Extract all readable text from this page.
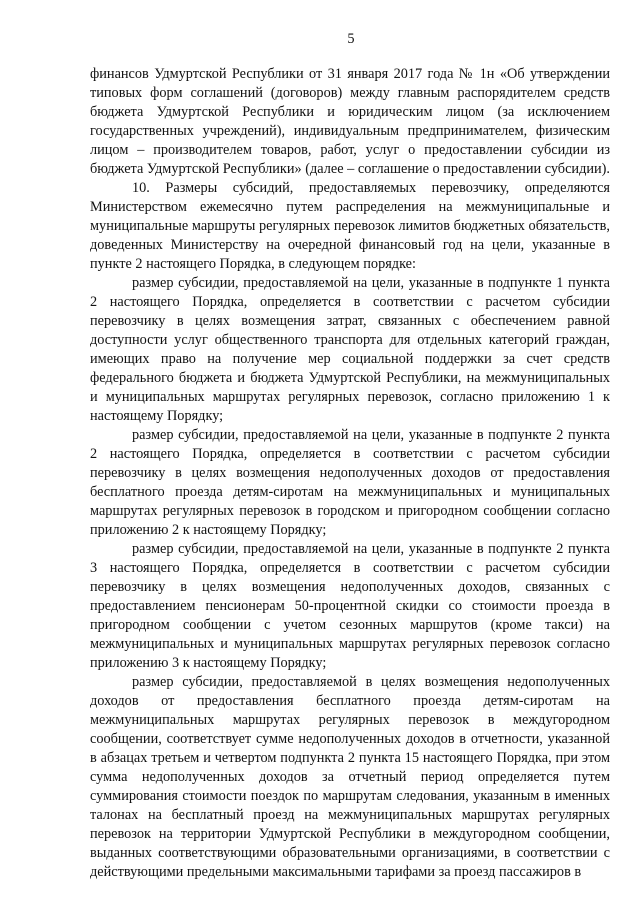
5

финансов Удмуртской Республики от 31 января 2017 года № 1н «Об утверждении типовых форм соглашений (договоров) между главным распорядителем средств бюджета Удмуртской Республики и юридическим лицом (за исключением государственных учреждений), индивидуальным предпринимателем, физическим лицом – производителем товаров, работ, услуг о предоставлении субсидии из бюджета Удмуртской Республики» (далее – соглашение о предоставлении субсидии).

10. Размеры субсидий, предоставляемых перевозчику, определяются Министерством ежемесячно путем распределения на межмуниципальные и муниципальные маршруты регулярных перевозок лимитов бюджетных обязательств, доведенных Министерству на очередной финансовый год на цели, указанные в пункте 2 настоящего Порядка, в следующем порядке:

размер субсидии, предоставляемой на цели, указанные в подпункте 1 пункта 2 настоящего Порядка, определяется в соответствии с расчетом субсидии перевозчику в целях возмещения затрат, связанных с обеспечением равной доступности услуг общественного транспорта для отдельных категорий граждан, имеющих право на получение мер социальной поддержки за счет средств федерального бюджета и бюджета Удмуртской Республики, на межмуниципальных и муниципальных маршрутах регулярных перевозок, согласно приложению 1 к настоящему Порядку;

размер субсидии, предоставляемой на цели, указанные в подпункте 2 пункта 2 настоящего Порядка, определяется в соответствии с расчетом субсидии перевозчику в целях возмещения недополученных доходов от предоставления бесплатного проезда детям-сиротам на межмуниципальных и муниципальных маршрутах регулярных перевозок в городском и пригородном сообщении согласно приложению 2 к настоящему Порядку;

размер субсидии, предоставляемой на цели, указанные в подпункте 2 пункта 3 настоящего Порядка, определяется в соответствии с расчетом субсидии перевозчику в целях возмещения недополученных доходов, связанных с предоставлением пенсионерам 50-процентной скидки со стоимости проезда в пригородном сообщении с учетом сезонных маршрутов (кроме такси) на межмуниципальных и муниципальных маршрутах регулярных перевозок согласно приложению 3 к настоящему Порядку;

размер субсидии, предоставляемой в целях возмещения недополученных доходов от предоставления бесплатного проезда детям-сиротам на межмуниципальных маршрутах регулярных перевозок в междугородном сообщении, соответствует сумме недополученных доходов в отчетности, указанной в абзацах третьем и четвертом подпункта 2 пункта 15 настоящего Порядка, при этом сумма недополученных доходов за отчетный период определяется путем суммирования стоимости поездок по маршрутам следования, указанным в именных талонах на бесплатный проезд на межмуниципальных маршрутах регулярных перевозок на территории Удмуртской Республики в междугородном сообщении, выданных соответствующими образовательными организациями, в соответствии с действующими предельными максимальными тарифами за проезд пассажиров в
